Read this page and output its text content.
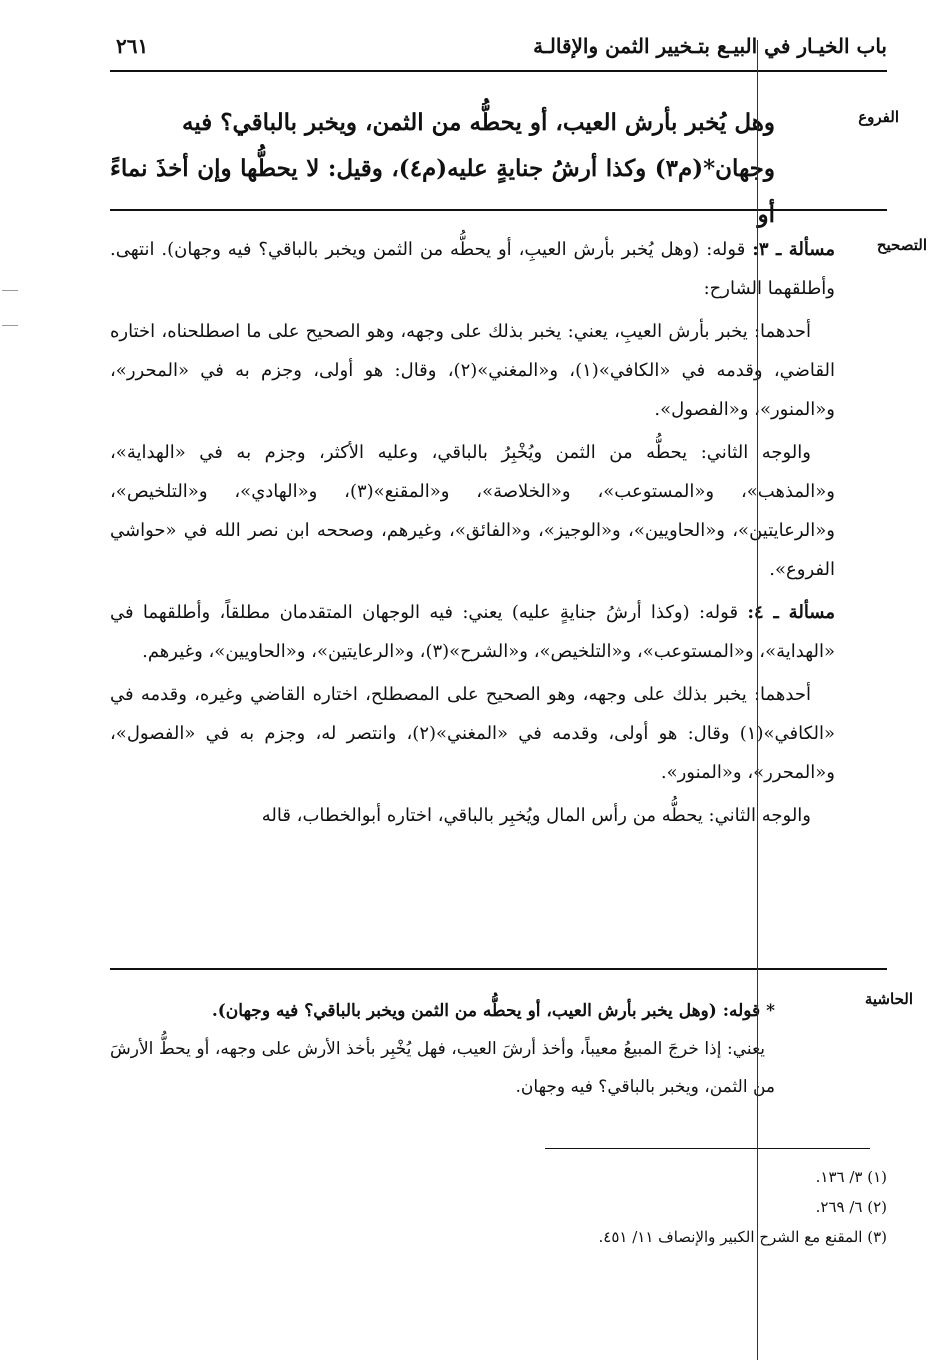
باب الخيـار في البيـع بتـخيير الثمن والإقالـة
٢٦١
الفروع

وهل يُخبر بأرش العيب، أو يحطُّه من الثمن، ويخبر بالباقي؟ فيه

وجهان*(م٣) وكذا أرشُ جنايةٍ عليه(م٤)، وقيل: لا يحطُّها وإن أخذَ نماءً أو

التصحيح

مسألة ـ ٣: قوله: (وهل يُخبر بأرش العيبِ، أو يحطُّه من الثمن ويخبر بالباقي؟ فيه وجهان). انتهى. وأطلقهما الشارح:

أحدهما: يخبر بأرش العيبِ، يعني: يخبر بذلك على وجهه، وهو الصحيح على ما اصطلحناه، اختاره القاضي، وقدمه في «الكافي»(١)، و«المغني»(٢)، وقال: هو أولى، وجزم به في «المحرر»، و«المنور»، و«الفصول».

والوجه الثاني: يحطُّه من الثمن ويُخْبِرُ بالباقي، وعليه الأكثر، وجزم به في «الهداية»، و«المذهب»، و«المستوعب»، و«الخلاصة»، و«المقنع»(٣)، و«الهادي»، و«التلخيص»، و«الرعايتين»، و«الحاويين»، و«الوجيز»، و«الفائق»، وغيرهم، وصححه ابن نصر الله في «حواشي الفروع».

مسألة ـ ٤: قوله: (وكذا أرشُ جنايةٍ عليه) يعني: فيه الوجهان المتقدمان مطلقاً، وأطلقهما في «الهداية»، و«المستوعب»، و«التلخيص»، و«الشرح»(٣)، و«الرعايتين»، و«الحاويين»، وغيرهم.

أحدهما: يخبر بذلك على وجهه، وهو الصحيح على المصطلح، اختاره القاضي وغيره، وقدمه في «الكافي»(١) وقال: هو أولى، وقدمه في «المغني»(٢)، وانتصر له، وجزم به في «الفصول»، و«المحرر»، و«المنور».

والوجه الثاني: يحطُّه من رأس المال ويُخبِر بالباقي، اختاره أبوالخطاب، قاله

الحاشية

* قوله: (وهل يخبر بأرش العيب، أو يحطُّه من الثمن ويخبر بالباقي؟ فيه وجهان).

يعني: إذا خرجَ المبيعُ معيباً، وأخذ أرشَ العيب، فهل يُخْبِر بأخذ الأرش على وجهه، أو يحطُّ الأرشَ من الثمن، ويخبر بالباقي؟ فيه وجهان.

(١) ٣/ ١٣٦.

(٢) ٦/ ٢٦٩.

(٣) المقنع مع الشرح الكبير والإنصاف ١١/ ٤٥١.
